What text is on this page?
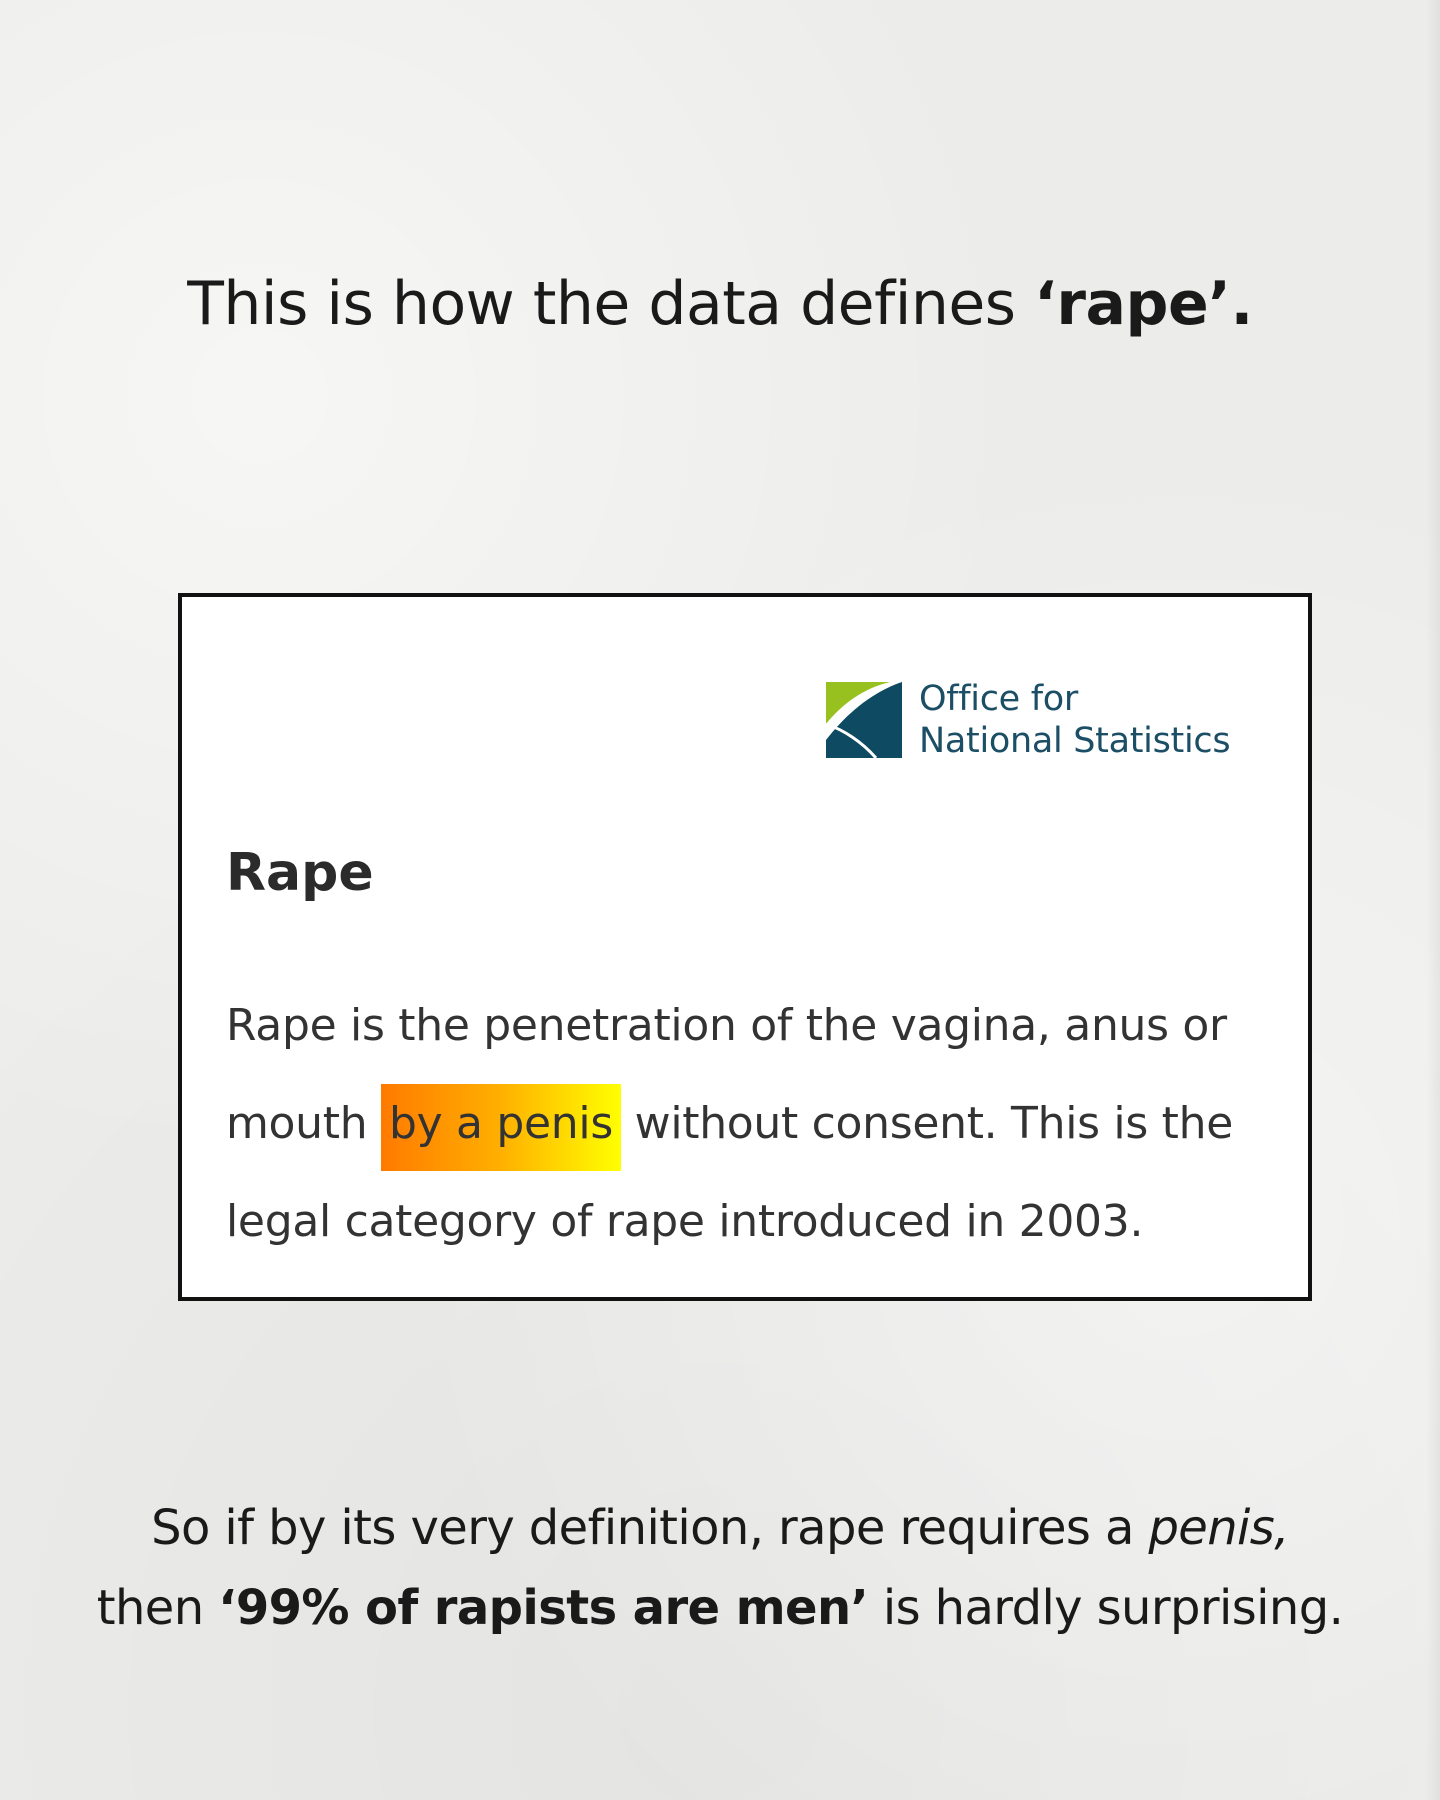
This is how the data defines ‘rape’.
Office for
National Statistics
Rape

Rape is the penetration of the vagina, anus or mouth by a penis without consent. This is the legal category of rape introduced in 2003.

So if by its very definition, rape requires a penis,
then ‘99% of rapists are men’ is hardly surprising.
